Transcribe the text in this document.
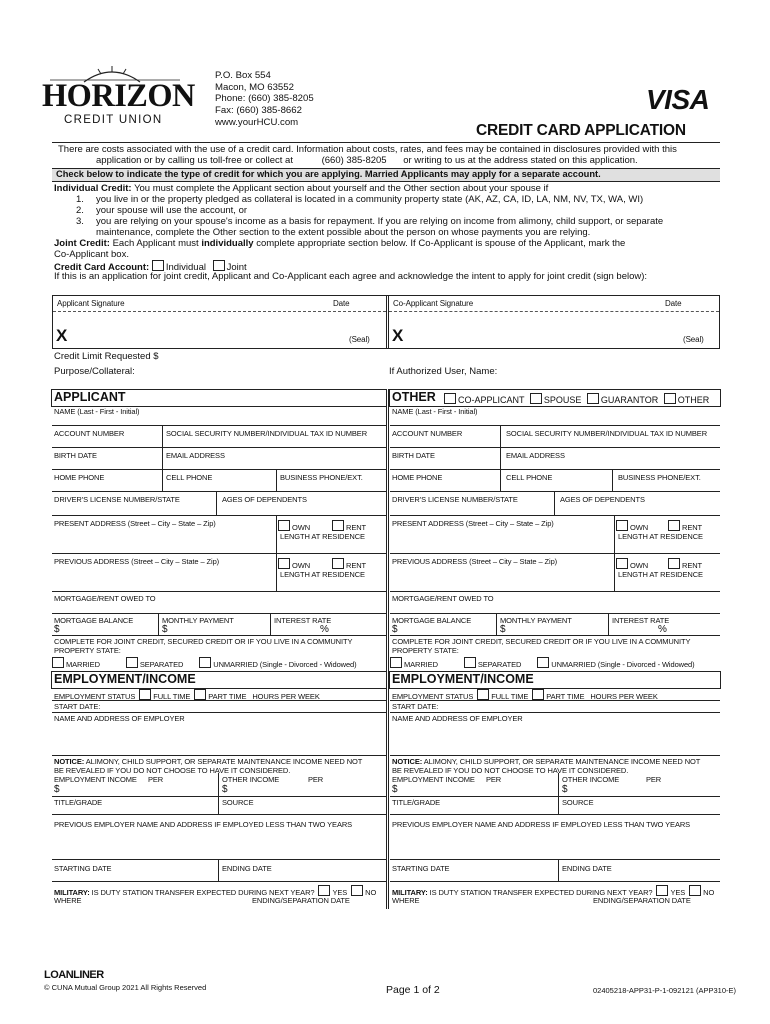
HORIZON
CREDIT UNION
P.O. Box 554
Macon, MO 63552
Phone: (660) 385-8205
Fax: (660) 385-8662
www.yourHCU.com
VISA
CREDIT CARD APPLICATION
There are costs associated with the use of a credit card. Information about costs, rates, and fees may be contained in disclosures provided with this
application or by calling us toll-free or collect at	(660) 385-8205 or writing to us at the address stated on this application.
Check below to indicate the type of credit for which you are applying. Married Applicants may apply for a separate account.
Individual Credit: You must complete the Applicant section about yourself and the Other section about your spouse if
1. you live in or the property pledged as collateral is located in a community property state (AK, AZ, CA, ID, LA, NM, NV, TX, WA, WI)
2. your spouse will use the account, or
3. you are relying on your spouse's income as a basis for repayment. If you are relying on income from alimony, child support, or separate
maintenance, complete the Other section to the extent possible about the person on whose payments you are relying.
Joint Credit: Each Applicant must individually complete appropriate section below. If Co-Applicant is spouse of the Applicant, mark the
Co-Applicant box.
Credit Card Account: Individual Joint
If this is an application for joint credit, Applicant and Co-Applicant each agree and acknowledge the intent to apply for joint credit (sign below):
Applicant Signature	Date
X	(Seal)
Co-Applicant Signature	Date
X	(Seal)
Credit Limit Requested $
Purpose/Collateral:	If Authorized User, Name:
APPLICANT	OTHER	CO-APPLICANT SPOUSE GUARANTOR OTHER
NAME (Last - First - Initial)
ACCOUNT NUMBER	SOCIAL SECURITY NUMBER/INDIVIDUAL TAX ID NUMBER
BIRTH DATE	EMAIL ADDRESS
HOME PHONE	CELL PHONE	BUSINESS PHONE/EXT.
DRIVER'S LICENSE NUMBER/STATE	AGES OF DEPENDENTS
PRESENT ADDRESS (Street – City – State – Zip)	OWN	RENT
LENGTH AT RESIDENCE
PREVIOUS ADDRESS (Street – City – State – Zip)	OWN	RENT
LENGTH AT RESIDENCE
MORTGAGE/RENT OWED TO
MORTGAGE BALANCE
$
MONTHLY PAYMENT
$
INTEREST RATE
%
COMPLETE FOR JOINT CREDIT, SECURED CREDIT OR IF YOU LIVE IN A COMMUNITY
PROPERTY STATE:
MARRIED	SEPARATED	UNMARRIED (Single - Divorced - Widowed)
NAME (Last - First - Initial)
ACCOUNT NUMBER	SOCIAL SECURITY NUMBER/INDIVIDUAL TAX ID NUMBER
BIRTH DATE	EMAIL ADDRESS
HOME PHONE	CELL PHONE	BUSINESS PHONE/EXT.
DRIVER'S LICENSE NUMBER/STATE	AGES OF DEPENDENTS
PRESENT ADDRESS (Street – City – State – Zip)	OWN	RENT
LENGTH AT RESIDENCE
PREVIOUS ADDRESS (Street – City – State – Zip)	OWN	RENT
LENGTH AT RESIDENCE
MORTGAGE/RENT OWED TO
MORTGAGE BALANCE
$
MONTHLY PAYMENT
$
INTEREST RATE
%
COMPLETE FOR JOINT CREDIT, SECURED CREDIT OR IF YOU LIVE IN A COMMUNITY
PROPERTY STATE:
MARRIED	SEPARATED	UNMARRIED (Single - Divorced - Widowed)
EMPLOYMENT/INCOME	EMPLOYMENT/INCOME
EMPLOYMENT STATUS FULL TIME PART TIME HOURS PER WEEK
START DATE:
NAME AND ADDRESS OF EMPLOYER
NOTICE: ALIMONY, CHILD SUPPORT, OR SEPARATE MAINTENANCE INCOME NEED NOT
BE REVEALED IF YOU DO NOT CHOOSE TO HAVE IT CONSIDERED.
EMPLOYMENT INCOME PER	OTHER INCOME	PER
$	$
TITLE/GRADE	SOURCE
PREVIOUS EMPLOYER NAME AND ADDRESS IF EMPLOYED LESS THAN TWO YEARS
STARTING DATE	ENDING DATE
MILITARY: IS DUTY STATION TRANSFER EXPECTED DURING NEXT YEAR? YES NO
WHERE	ENDING/SEPARATION DATE
EMPLOYMENT STATUS FULL TIME PART TIME HOURS PER WEEK
START DATE:
NAME AND ADDRESS OF EMPLOYER
NOTICE: ALIMONY, CHILD SUPPORT, OR SEPARATE MAINTENANCE INCOME NEED NOT
BE REVEALED IF YOU DO NOT CHOOSE TO HAVE IT CONSIDERED.
EMPLOYMENT INCOME PER	OTHER INCOME	PER
$	$
TITLE/GRADE	SOURCE
PREVIOUS EMPLOYER NAME AND ADDRESS IF EMPLOYED LESS THAN TWO YEARS
STARTING DATE	ENDING DATE
MILITARY: IS DUTY STATION TRANSFER EXPECTED DURING NEXT YEAR? YES NO
WHERE	ENDING/SEPARATION DATE
LOANLINER
© CUNA Mutual Group 2021 All Rights Reserved	Page 1 of 2	02405218-APP31-P-1-092121 (APP310-E)
